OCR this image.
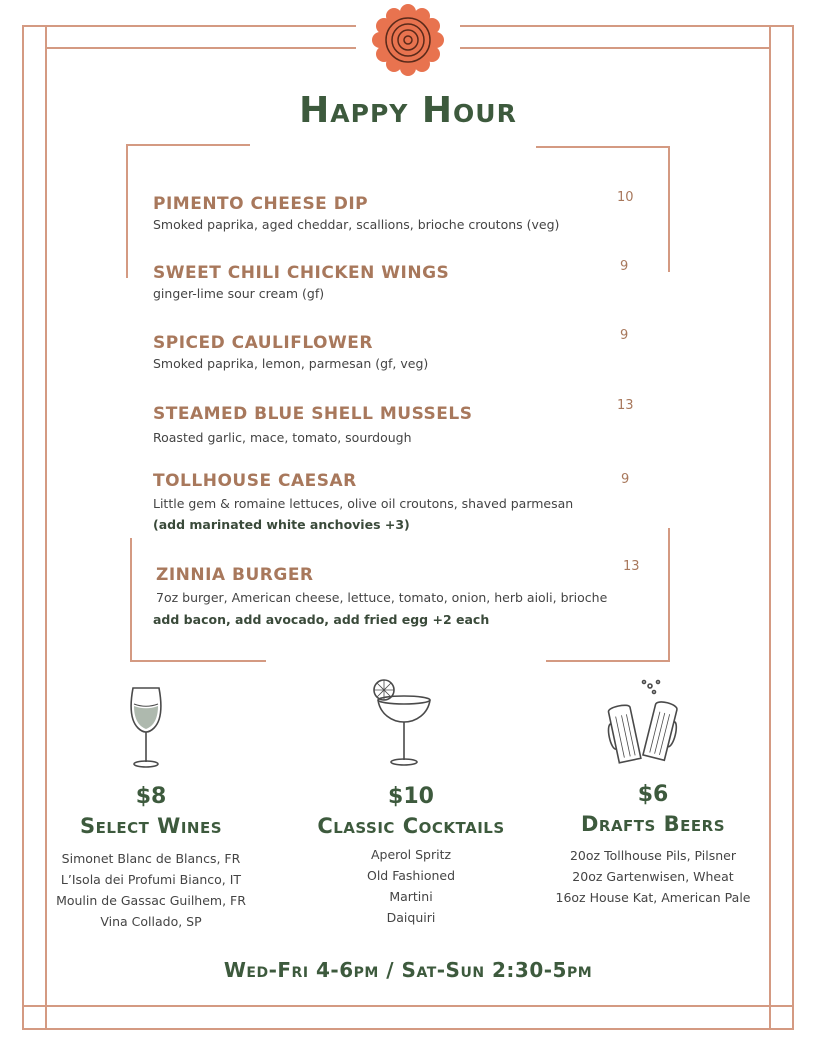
Happy Hour
PIMENTO CHEESE DIP	10
Smoked paprika, aged cheddar, scallions, brioche croutons (veg)
SWEET CHILI CHICKEN WINGS	9
ginger-lime sour cream (gf)
SPICED CAULIFLOWER	9
Smoked paprika, lemon, parmesan (gf, veg)
STEAMED BLUE SHELL MUSSELS	13
Roasted garlic, mace, tomato, sourdough
TOLLHOUSE CAESAR	9
Little gem & romaine lettuces, olive oil croutons, shaved parmesan
(add marinated white anchovies +3)
ZINNIA BURGER	13
7oz burger, American cheese, lettuce, tomato, onion, herb aioli, brioche
add bacon, add avocado, add fried egg +2 each
$8
Select Wines
Simonet Blanc de Blancs, FR
L’Isola dei Profumi Bianco, IT
Moulin de Gassac Guilhem, FR
Vina Collado, SP
$10
Classic Cocktails
Aperol Spritz
Old Fashioned
Martini
Daiquiri
$6
Drafts Beers
20oz Tollhouse Pils, Pilsner
20oz Gartenwisen, Wheat
16oz House Kat, American Pale
Wed-Fri 4-6pm / Sat-Sun 2:30-5pm
